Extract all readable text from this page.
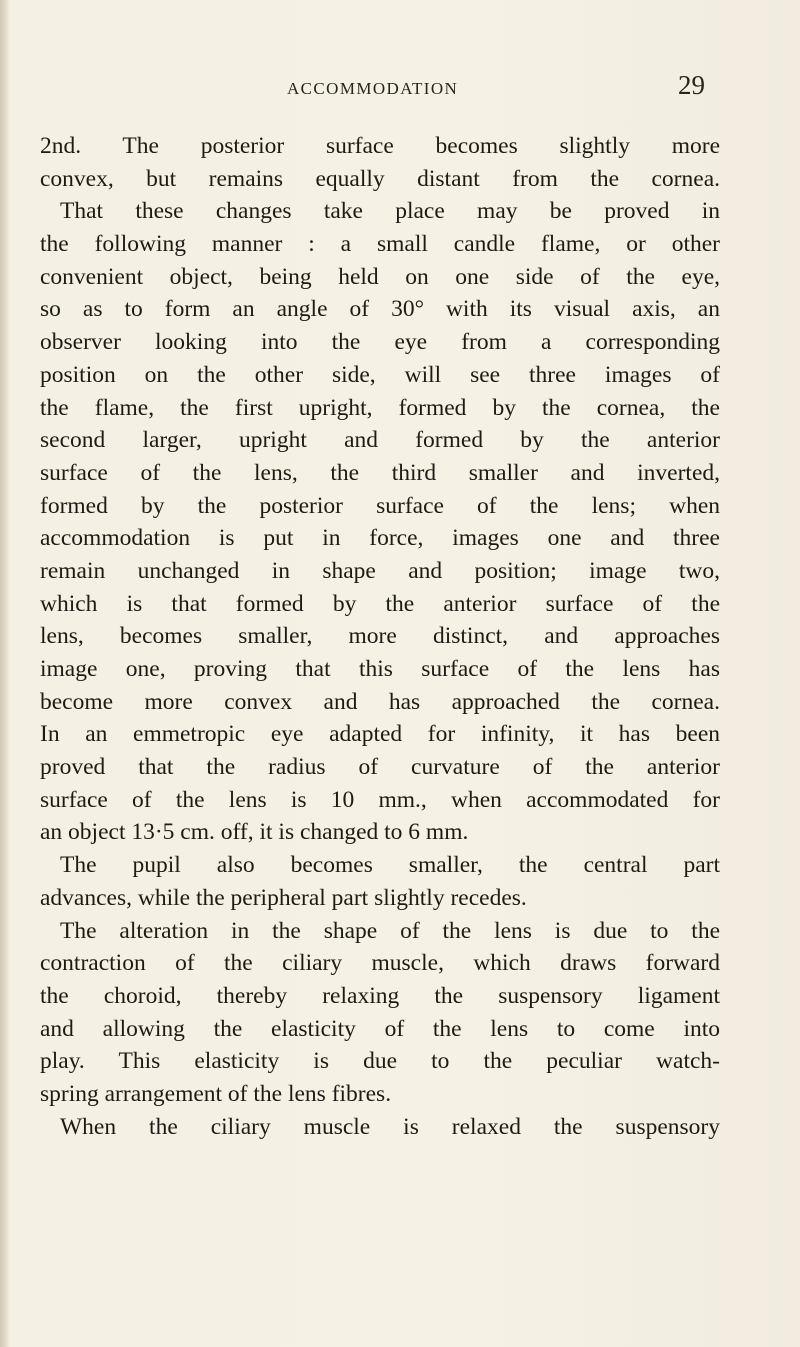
ACCOMMODATION	29
2nd. The posterior surface becomes slightly more
convex, but remains equally distant from the cornea.
That these changes take place may be proved in
the following manner : a small candle flame, or other
convenient object, being held on one side of the eye,
so as to form an angle of 30° with its visual axis, an
observer looking into the eye from a corresponding
position on the other side, will see three images of
the flame, the first upright, formed by the cornea, the
second larger, upright and formed by the anterior
surface of the lens, the third smaller and inverted,
formed by the posterior surface of the lens; when
accommodation is put in force, images one and three
remain unchanged in shape and position; image two,
which is that formed by the anterior surface of the
lens, becomes smaller, more distinct, and approaches
image one, proving that this surface of the lens has
become more convex and has approached the cornea.
In an emmetropic eye adapted for infinity, it has been
proved that the radius of curvature of the anterior
surface of the lens is 10 mm., when accommodated for
an object 13·5 cm. off, it is changed to 6 mm.
The pupil also becomes smaller, the central part
advances, while the peripheral part slightly recedes.
The alteration in the shape of the lens is due to the
contraction of the ciliary muscle, which draws forward
the choroid, thereby relaxing the suspensory ligament
and allowing the elasticity of the lens to come into
play. This elasticity is due to the peculiar watch-
spring arrangement of the lens fibres.
When the ciliary muscle is relaxed the suspensory
